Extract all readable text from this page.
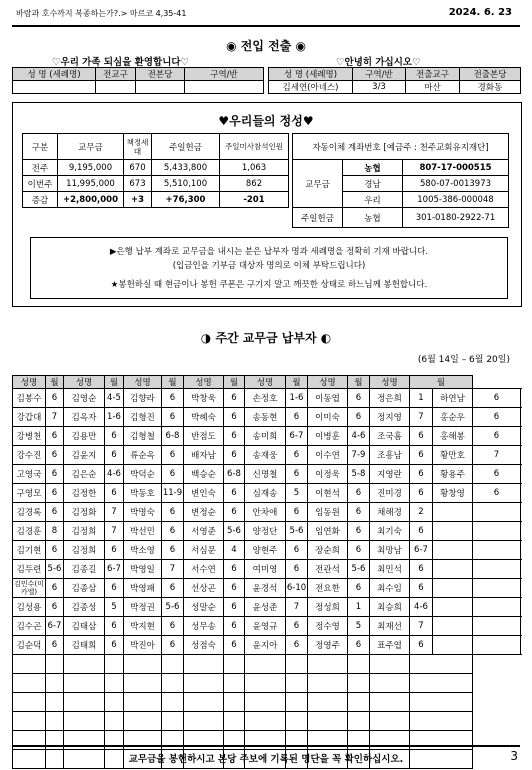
바람과 호수까지 복종하는가?.> 마르코 4,35-41	2024. 6. 23
◉ 전입 전출 ◉
♡우리 가족 되심을 환영합니다♡	♡안녕히 가십시오♡
성 명 (세례명)	전교구	전본당	구역/반		성 명 (세례명)	구역/반	전출교구	전출본당
					김세연(아네스)	3/3	마산	경화동
♥우리들의 정성♥
구분	교무금	책정세대	주일헌금	주일미사참석인원
전주	9,195,000	670	5,433,800	1,063
이번주	11,995,000	673	5,510,100	862
증감	+2,800,000	+3	+76,300	-201
자동이체 계좌번호 [예금주 : 천주교회유지재단]		
교무금	농협	807-17-000515
	경남	580-07-0013973
	우리	1005-386-000048
주일헌금	농협	301-0180-2922-71
▶은행 납부 계좌로 교무금을 내시는 분은 납부자 명과 세례명을 정확히 기재 바랍니다.
(입금인을 기부금 대상자 명의로 이체 부탁드립니다)
★봉헌하실 때 현금이나 봉헌 쿠폰은 구기지 말고 깨끗한 상태로 하느님께 봉헌합니다.
◑ 주간 교무금 납부자 ◐
(6월 14일 – 6월 20일)
성명	월	성명	월	성명	월	성명	월	성명	월	성명	월	성명	월		
김봉수	6	김영순	4-5	김향라	6	박창욱	6	손정호	1-6	이동엽	6	정은희	1	하연남	6
강갑대	7	김옥자	1-6	김형진	6	박혜숙	6	송동현	6	이미숙	6	정지영	7	홍순우	6
강병천	6	김용만	6	김형철	6-8	반점도	6	송미희	6-7	이병훈	4-6	조국흠	6	홍해봉	6
강수진	6	김윤지	6	류순옥	6	배자남	6	송재웅	6	이수연	7-9	조흥남	6	황만호	7
고영국	6	김은순	4-6	박덕순	6	백승순	6-8	신명철	6	이정욱	5-8	지영란	6	황용주	6
구영모	6	김정한	6	박동호	11-9	변인숙	6	심재송	5	이현석	6	진미경	6	황창영	6
김경록	6	김정화	7	박명숙	6	변정순	6	안차애	6	임동원	6	채해경	2		
김경훈	8	김정희	7	박선민	6	서영준	5-6	양정단	5-6	임연화	6	최기숙	6		
김기현	6	김정희	6	박소영	6	서심문	4	양현주	6	장순희	6	최망남	6-7		
김두련	5-6	김종길	6-7	박영일	7	서수연	6	여미영	6	전관석	5-6	최민석	6		
김민수(미카엘)	6	김종삼	6	박영패	6	선상곤	6	윤경석	6-10	전요한	6	최수임	6		
김성용	6	김종성	5	박정권	5-6	성말순	6	윤성준	7	정성희	1	최승희	4-6		
김수곤	6-7	김태삼	6	박지현	6	성무송	6	윤영규	6	정수영	5	최재선	7		
김순덕	6	김태희	6	박진아	6	성점숙	6	윤지아	6	정영주	6	표주엽	6		

교무금을 봉헌하시고 본당 주보에 기록된 명단을 꼭 확인하십시오.	3
